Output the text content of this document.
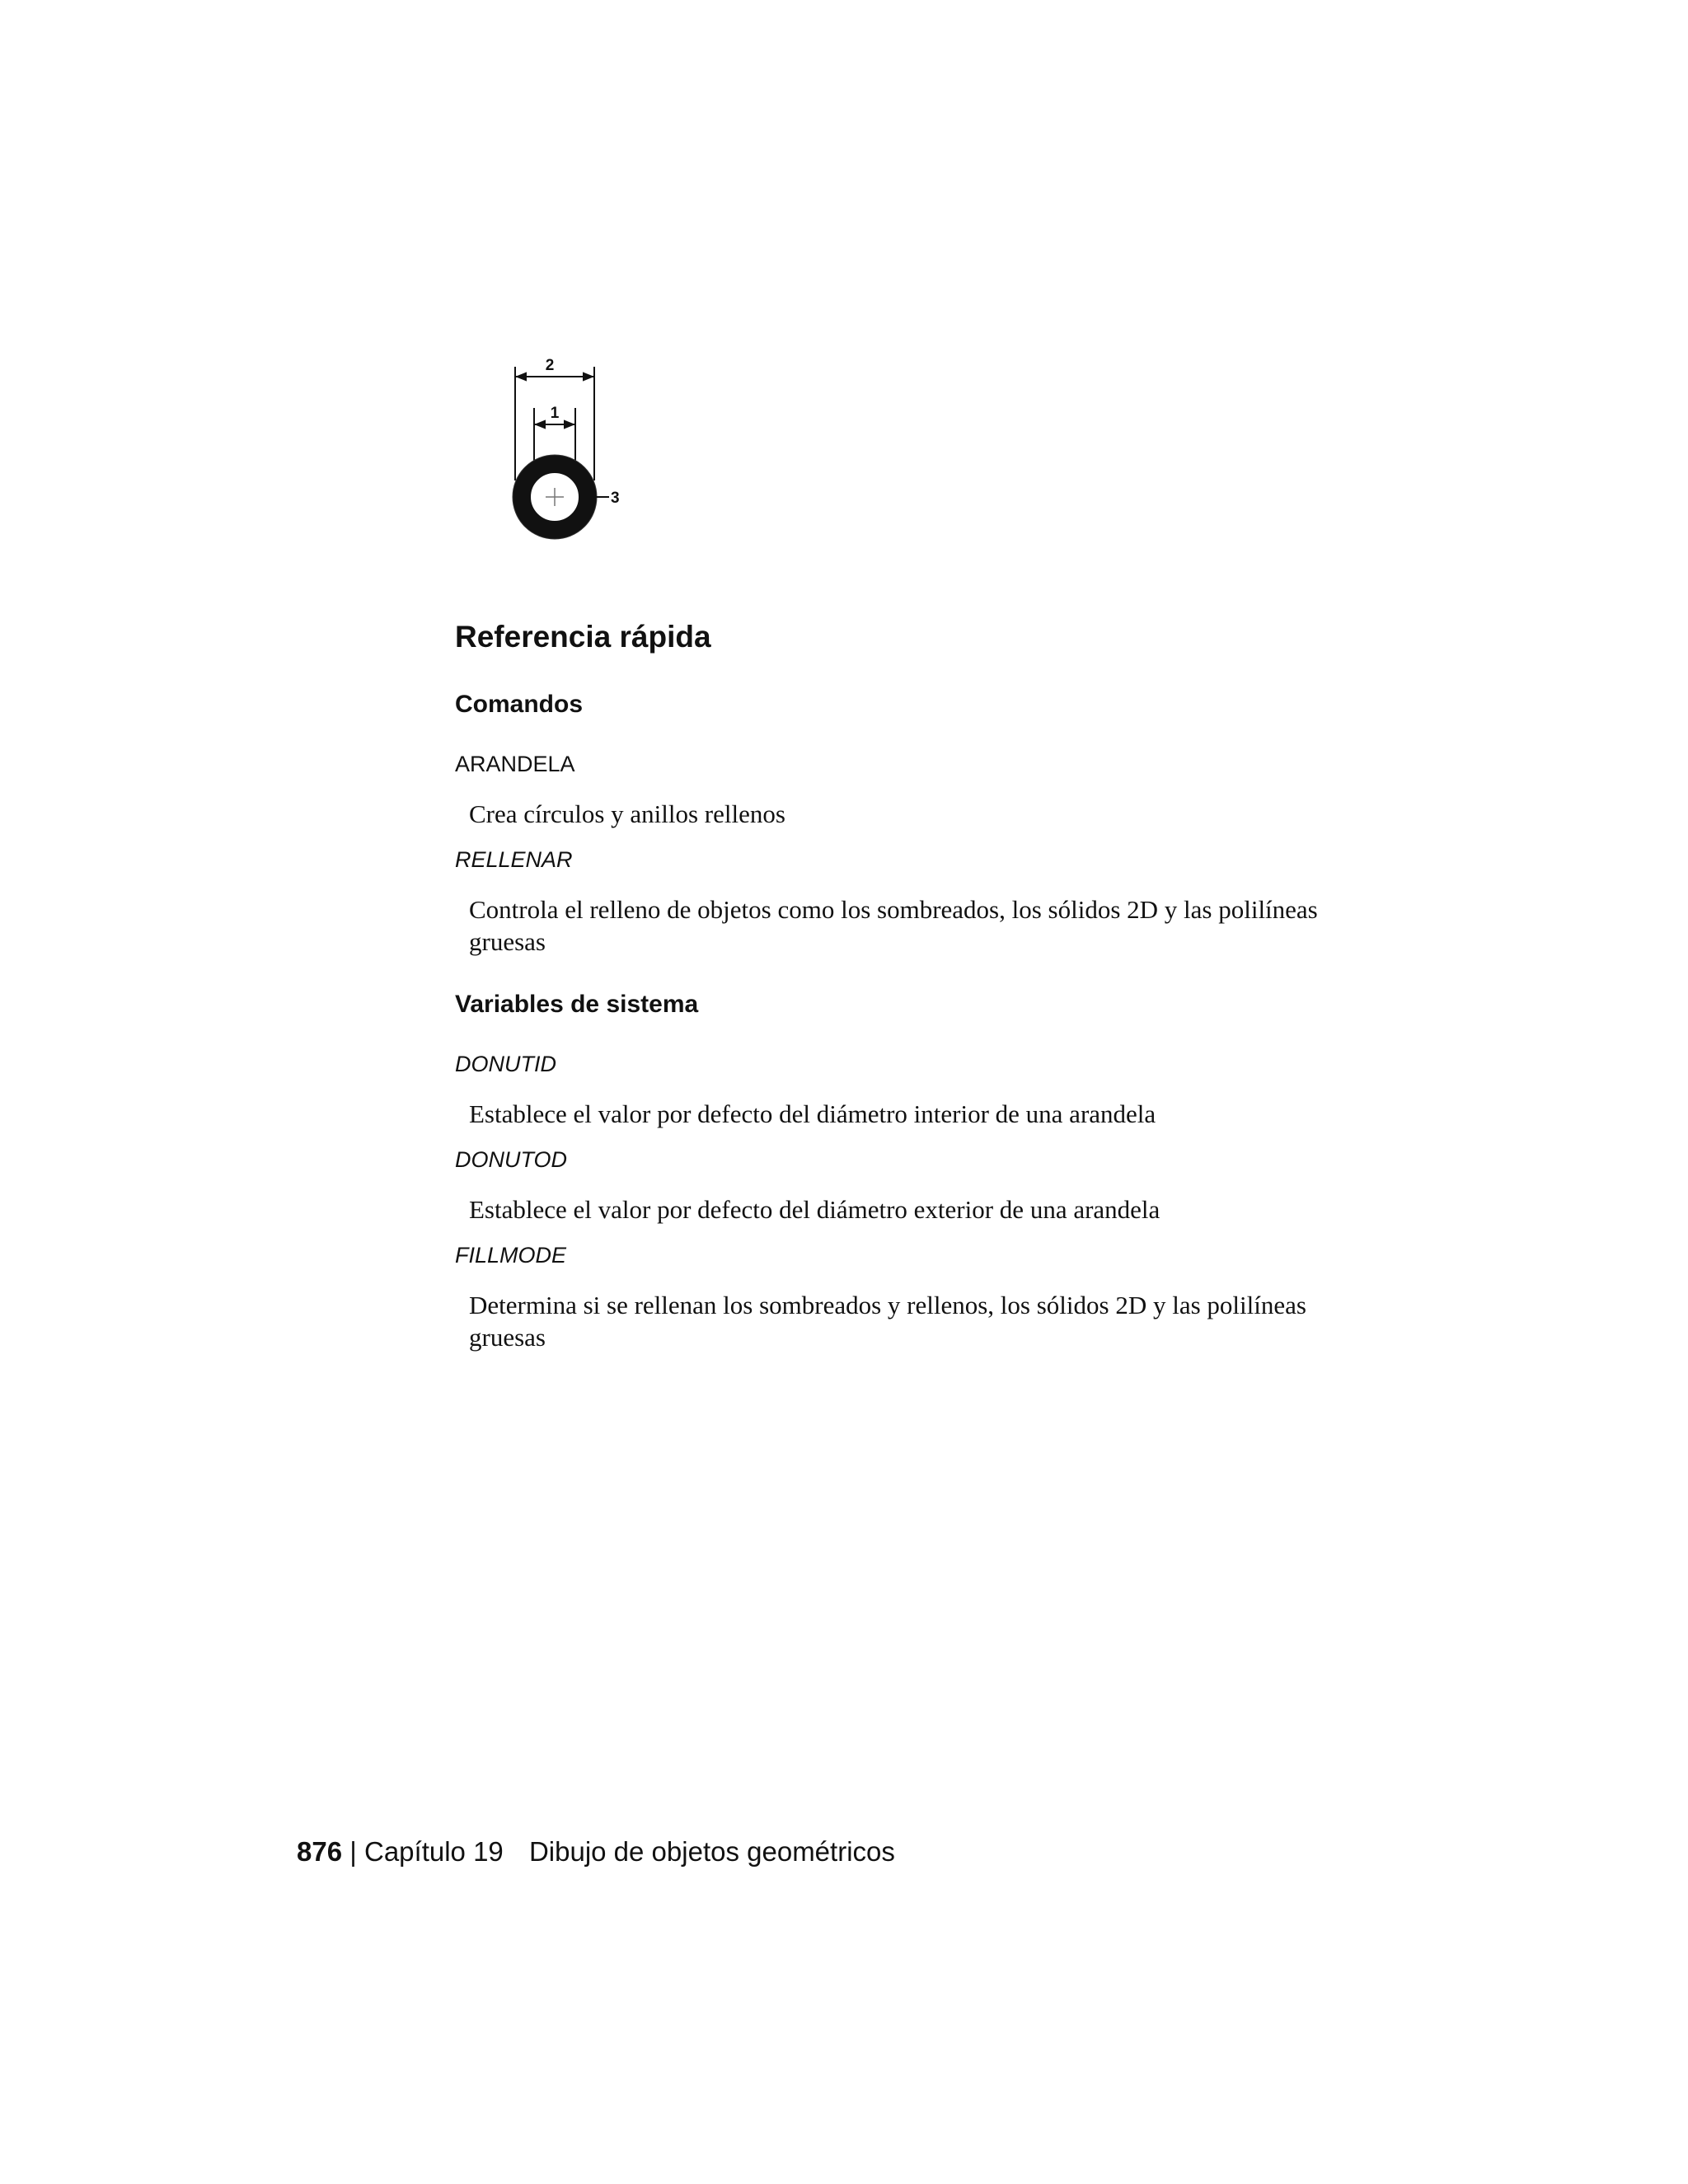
2
1
3
Referencia rápida
Comandos
ARANDELA
Crea círculos y anillos rellenos
RELLENAR
Controla el relleno de objetos como los sombreados, los sólidos 2D y las polilíneas gruesas
Variables de sistema
DONUTID
Establece el valor por defecto del diámetro interior de una arandela
DONUTOD
Establece el valor por defecto del diámetro exterior de una arandela
FILLMODE
Determina si se rellenan los sombreados y rellenos, los sólidos 2D y las polilíneas gruesas
876 | Capítulo 19 Dibujo de objetos geométricos
